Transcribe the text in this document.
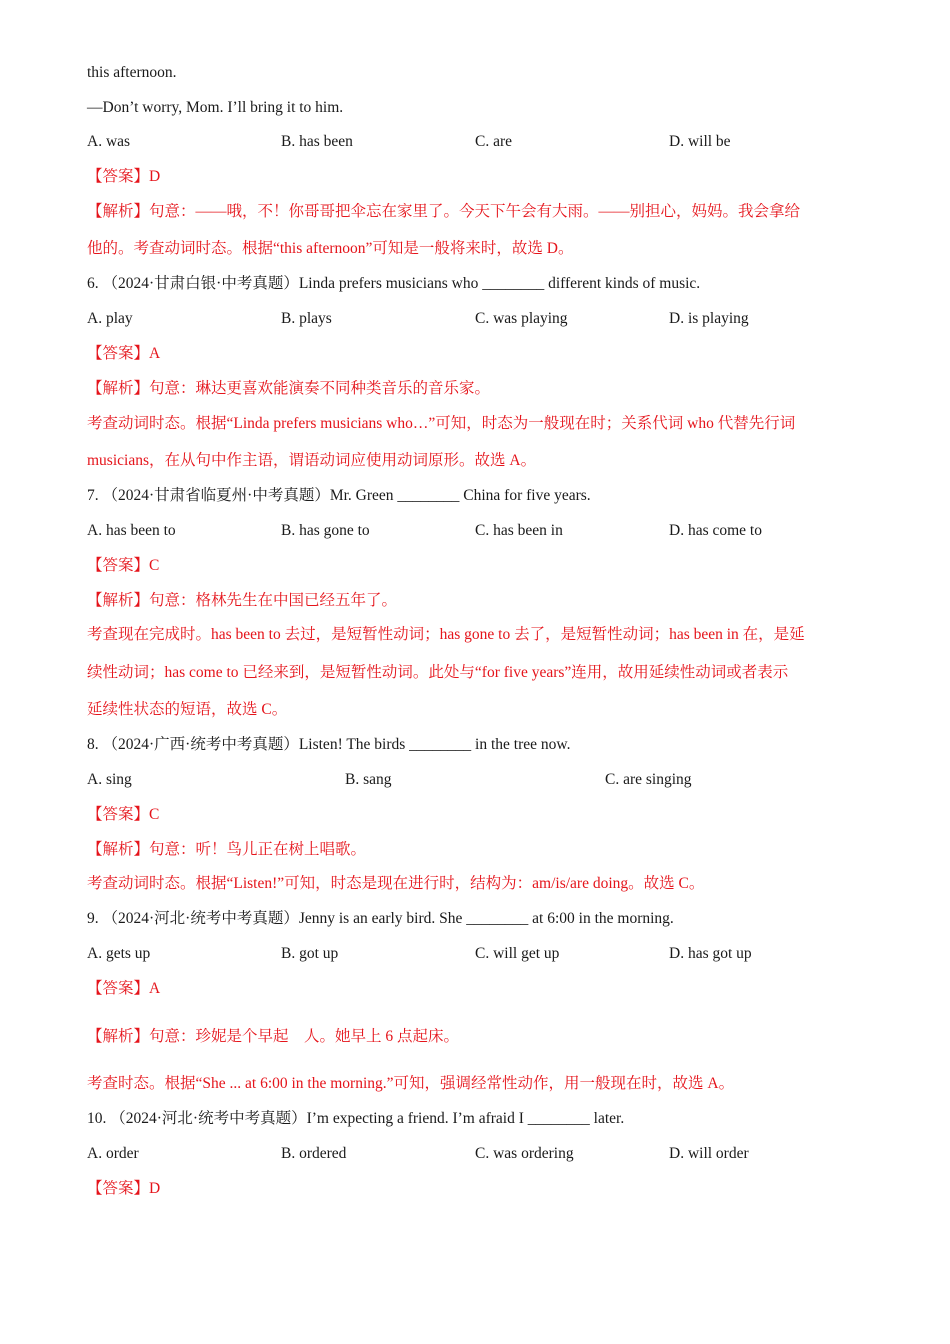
this afternoon.
—Don’t worry, Mom. I’ll bring it to him.
A. was	B. has been	C. are	D. will be
【答案】D
【解析】句意：——哦，不！你哥哥把伞忘在家里了。今天下午会有大雨。——别担心，妈妈。我会拿给
他的。考查动词时态。根据“this afternoon”可知是一般将来时，故选 D。
6. （2024·甘肃白银·中考真题）Linda prefers musicians who ________ different kinds of music.
A. play	B. plays	C. was playing	D. is playing
【答案】A
【解析】句意：琳达更喜欢能演奏不同种类音乐的音乐家。
考查动词时态。根据“Linda prefers musicians who…”可知，时态为一般现在时；关系代词 who 代替先行词
musicians，在从句中作主语，谓语动词应使用动词原形。故选 A。
7. （2024·甘肃省临夏州·中考真题）Mr. Green ________ China for five years.
A. has been to	B. has gone to	C. has been in	D. has come to
【答案】C
【解析】句意：格林先生在中国已经五年了。
考查现在完成时。has been to 去过，是短暂性动词；has gone to 去了，是短暂性动词；has been in 在，是延
续性动词；has come to 已经来到，是短暂性动词。此处与“for five years”连用，故用延续性动词或者表示
延续性状态的短语，故选 C。
8. （2024·广西·统考中考真题）Listen! The birds ________ in the tree now.
A. sing	B. sang	C. are singing
【答案】C
【解析】句意：听！鸟儿正在树上唱歌。
考查动词时态。根据“Listen!”可知，时态是现在进行时，结构为：am/is/are doing。故选 C。
9. （2024·河北·统考中考真题）Jenny is an early bird. She ________ at 6:00 in the morning.
A. gets up	B. got up	C. will get up	D. has got up
【答案】A
【解析】句意：珍妮是个早起　人。她早上 6 点起床。
考查时态。根据“She ... at 6:00 in the morning.”可知，强调经常性动作，用一般现在时，故选 A。
10. （2024·河北·统考中考真题）I’m expecting a friend. I’m afraid I ________ later.
A. order	B. ordered	C. was ordering	D. will order
【答案】D
